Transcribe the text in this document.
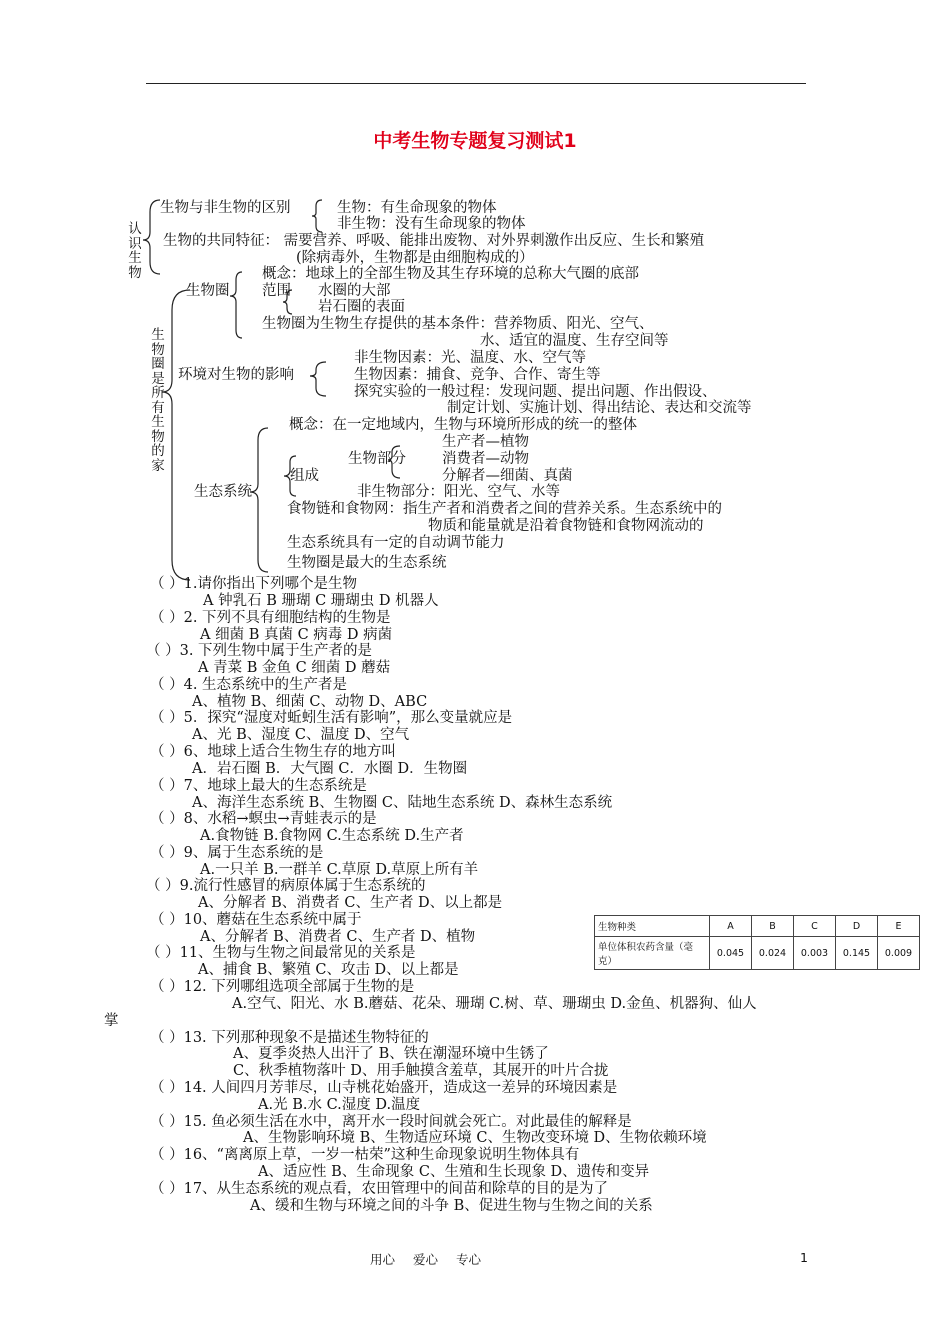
中考生物专题复习测试1
认识生物
生物圈是所有生物的家
生物与非生物的区别	生物：有生命现象的物体
非生物：没有生命现象的物体
生物的共同特征： 需要营养、呼吸、能排出废物、对外界刺激作出反应、生长和繁殖
(除病毒外，生物都是由细胞构成的）
概念：地球上的全部生物及其生存环境的总称大气圈的底部
生物圈 范围 水圈的大部
岩石圈的表面
生物圈为生物生存提供的基本条件：营养物质、阳光、空气、
水、适宜的温度、生存空间等
非生物因素：光、温度、水、空气等
环境对生物的影响	生物因素：捕食、竞争、合作、寄生等
探究实验的一般过程：发现问题、提出问题、作出假设、
制定计划、实施计划、得出结论、表达和交流等
概念：在一定地域内，生物与环境所形成的统一的整体
生产者—植物
生物部分 消费者—动物
组成	分解者—细菌、真菌
生态系统	非生物部分：阳光、空气、水等
食物链和食物网：指生产者和消费者之间的营养关系。生态系统中的
物质和能量就是沿着食物链和食物网流动的
生态系统具有一定的自动调节能力
生物圈是最大的生态系统
（ ）1.请你指出下列哪个是生物
A 钟乳石 B 珊瑚 C 珊瑚虫 D 机器人
（ ）2. 下列不具有细胞结构的生物是
A 细菌 B 真菌 C 病毒 D 病菌
（ ）3. 下列生物中属于生产者的是
A 青菜 B 金鱼 C 细菌 D 蘑菇
（ ）4. 生态系统中的生产者是
A、植物 B、细菌 C、动物 D、ABC
（ ）5．探究“湿度对蚯蚓生活有影响”，那么变量就应是
A、光 B、湿度 C、温度 D、空气
（ ）6、地球上适合生物生存的地方叫
A．岩石圈 B．大气圈 C．水圈 D．生物圈
（ ）7、地球上最大的生态系统是
A、海洋生态系统 B、生物圈 C、陆地生态系统 D、森林生态系统
（ ）8、水稻→螟虫→青蛙表示的是
A.食物链 B.食物网 C.生态系统 D.生产者
（ ）9、属于生态系统的是
A.一只羊 B.一群羊 C.草原 D.草原上所有羊
（ ）9.流行性感冒的病原体属于生态系统的
A、分解者 B、消费者 C、生产者 D、以上都是
（ ）10、蘑菇在生态系统中属于
A、分解者 B、消费者 C、生产者 D、植物
（ ）11、生物与生物之间最常见的关系是
A、捕食 B、繁殖 C、攻击 D、以上都是
（ ）12. 下列哪组选项全部属于生物的是
A.空气、阳光、水 B.蘑菇、花朵、珊瑚 C.树、草、珊瑚虫 D.金鱼、机器狗、仙人
掌
（ ）13. 下列那种现象不是描述生物特征的
A、夏季炎热人出汗了 B、铁在潮湿环境中生锈了
C、秋季植物落叶 D、用手触摸含羞草，其展开的叶片合拢
（ ）14. 人间四月芳菲尽，山寺桃花始盛开，造成这一差异的环境因素是
A.光 B.水 C.湿度 D.温度
（ ）15. 鱼必须生活在水中，离开水一段时间就会死亡。对此最佳的解释是
A、生物影响环境 B、生物适应环境 C、生物改变环境 D、生物依赖环境
（ ）16、“离离原上草，一岁一枯荣”这种生命现象说明生物体具有
A、适应性 B、生命现象 C、生殖和生长现象 D、遗传和变异
（ ）17、从生态系统的观点看，农田管理中的间苗和除草的目的是为了
A、缓和生物与环境之间的斗争 B、促进生物与生物之间的关系
生物种类	A	B	C	D	E
单位体积农药含量（毫克）	0.045	0.024	0.003	0.145	0.009
用心 爱心 专心	1
